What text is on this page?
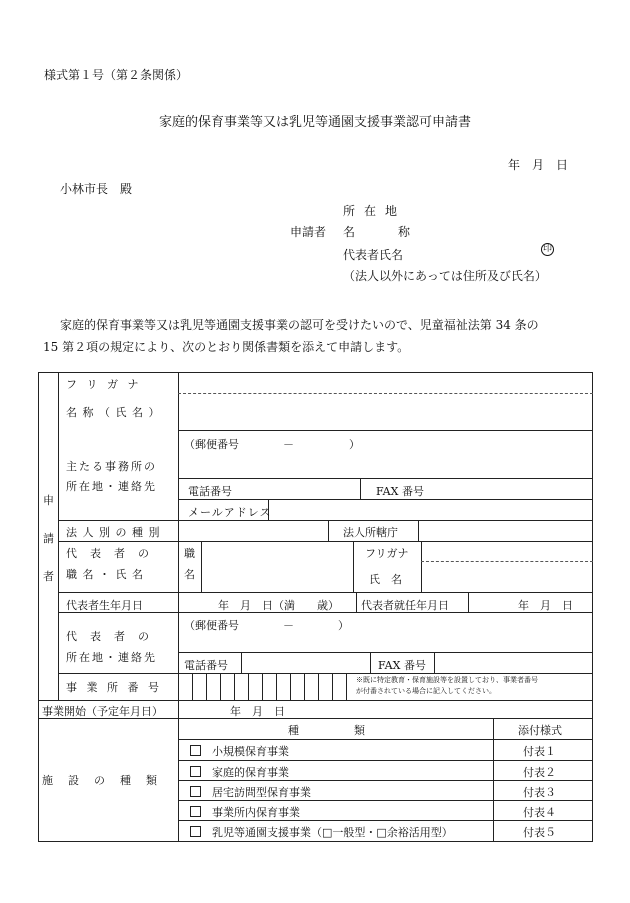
様式第１号（第２条関係）
家庭的保育事業等又は乳児等通園支援事業認可申請書
年　月　日
小林市長　殿
所在地
申請者 名	称
代表者氏名	印
（法人以外にあっては住所及び氏名）
家庭的保育事業等又は乳児等通園支援事業の認可を受けたいので、児童福祉法第 34 条の
15 第２項の規定により、次のとおり関係書類を添えて申請します。
申
請
者
フ リ ガ ナ
名 称 （ 氏 名 ）
主たる事務所の
所在地・連絡先
（郵便番号　　　　－　　　　　）
電話番号	FAX 番号
メールアドレス
法 人 別 の 種 別	法人所轄庁
代　表　者　の
職 名 ・ 氏 名
職
名
フリガナ
氏　名
代表者生年月日	年　月　日（満　　歳） 代表者就任年月日	年　月　日
代　表　者　の
所在地・連絡先
（郵便番号　　　　－　　　　）
電話番号	FAX 番号
事 業 所 番 号
※既に特定教育・保育施設等を設置しており、事業者番号
が付番されている場合に記入してください。
事業開始（予定年月日）	年　月　日
施　設　の　種　類
種　　　　　類	添付様式
　小規模保育事業	付表１
　家庭的保育事業	付表２
　居宅訪問型保育事業	付表３
　事業所内保育事業	付表４
　乳児等通園支援事業（□一般型・□余裕活用型）	付表５
